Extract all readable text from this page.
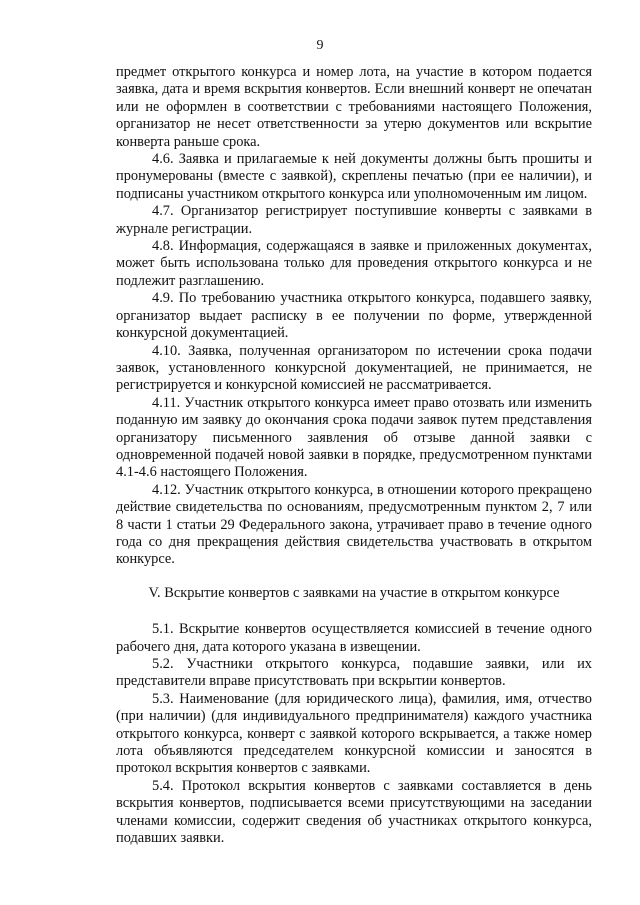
9

предмет открытого конкурса и номер лота, на участие в котором подается заявка, дата и время вскрытия конвертов. Если внешний конверт не опечатан или не оформлен в соответствии с требованиями настоящего Положения, организатор не несет ответственности за утерю документов или вскрытие конверта раньше срока.

4.6. Заявка и прилагаемые к ней документы должны быть прошиты и пронумерованы (вместе с заявкой), скреплены печатью (при ее наличии), и подписаны участником открытого конкурса или уполномоченным им лицом.

4.7. Организатор регистрирует поступившие конверты с заявками в журнале регистрации.

4.8. Информация, содержащаяся в заявке и приложенных документах, может быть использована только для проведения открытого конкурса и не подлежит разглашению.

4.9. По требованию участника открытого конкурса, подавшего заявку, организатор выдает расписку в ее получении по форме, утвержденной конкурсной документацией.

4.10. Заявка, полученная организатором по истечении срока подачи заявок, установленного конкурсной документацией, не принимается, не регистрируется и конкурсной комиссией не рассматривается.

4.11. Участник открытого конкурса имеет право отозвать или изменить поданную им заявку до окончания срока подачи заявок путем представления организатору письменного заявления об отзыве данной заявки с одновременной подачей новой заявки в порядке, предусмотренном пунктами 4.1-4.6 настоящего Положения.

4.12. Участник открытого конкурса, в отношении которого прекращено действие свидетельства по основаниям, предусмотренным пунктом 2, 7 или 8 части 1 статьи 29 Федерального закона, утрачивает право в течение одного года со дня прекращения действия свидетельства участвовать в открытом конкурсе.

V. Вскрытие конвертов с заявками на участие в открытом конкурсе

5.1. Вскрытие конвертов осуществляется комиссией в течение одного рабочего дня, дата которого указана в извещении.

5.2. Участники открытого конкурса, подавшие заявки, или их представители вправе присутствовать при вскрытии конвертов.

5.3. Наименование (для юридического лица), фамилия, имя, отчество (при наличии) (для индивидуального предпринимателя) каждого участника открытого конкурса, конверт с заявкой которого вскрывается, а также номер лота объявляются председателем конкурсной комиссии и заносятся в протокол вскрытия конвертов с заявками.

5.4. Протокол вскрытия конвертов с заявками составляется в день вскрытия конвертов, подписывается всеми присутствующими на заседании членами комиссии, содержит сведения об участниках открытого конкурса, подавших заявки.
